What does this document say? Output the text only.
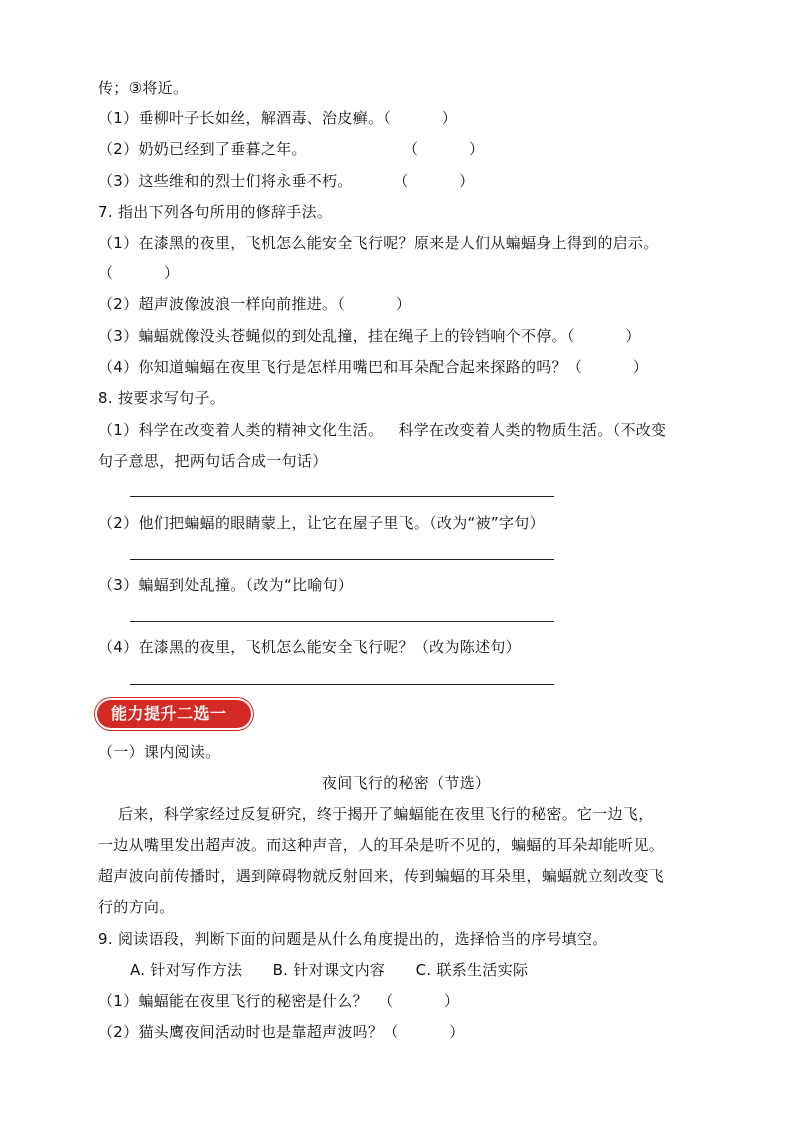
传；③将近。
（1）垂柳叶子长如丝，解酒毒、治皮癣。（          ）
（2）奶奶已经到了垂暮之年。                   （          ）
（3）这些维和的烈士们将永垂不朽。        （          ）
7. 指出下列各句所用的修辞手法。
（1）在漆黑的夜里，飞机怎么能安全飞行呢？原来是人们从蝙蝠身上得到的启示。
（          ）
（2）超声波像波浪一样向前推进。（          ）
（3）蝙蝠就像没头苍蝇似的到处乱撞，挂在绳子上的铃铛响个不停。（          ）
（4）你知道蝙蝠在夜里飞行是怎样用嘴巴和耳朵配合起来探路的吗？（          ）
8. 按要求写句子。
（1）科学在改变着人类的精神文化生活。   科学在改变着人类的物质生活。（不改变
句子意思，把两句话合成一句话）
（2）他们把蝙蝠的眼睛蒙上，让它在屋子里飞。（改为“被”字句）
（3）蝙蝠到处乱撞。（改为“比喻句）
（4）在漆黑的夜里，飞机怎么能安全飞行呢？（改为陈述句）
能力提升二选一
（一）课内阅读。
夜间飞行的秘密（节选）
后来，科学家经过反复研究，终于揭开了蝙蝠能在夜里飞行的秘密。它一边飞，
一边从嘴里发出超声波。而这种声音，人的耳朵是听不见的，蝙蝠的耳朵却能听见。
超声波向前传播时，遇到障碍物就反射回来，传到蝙蝠的耳朵里，蝙蝠就立刻改变飞
行的方向。
9. 阅读语段，判断下面的问题是从什么角度提出的，选择恰当的序号填空。
A. 针对写作方法      B. 针对课文内容      C. 联系生活实际
（1）蝙蝠能在夜里飞行的秘密是什么？  （          ）
（2）猫头鹰夜间活动时也是靠超声波吗？（          ）
